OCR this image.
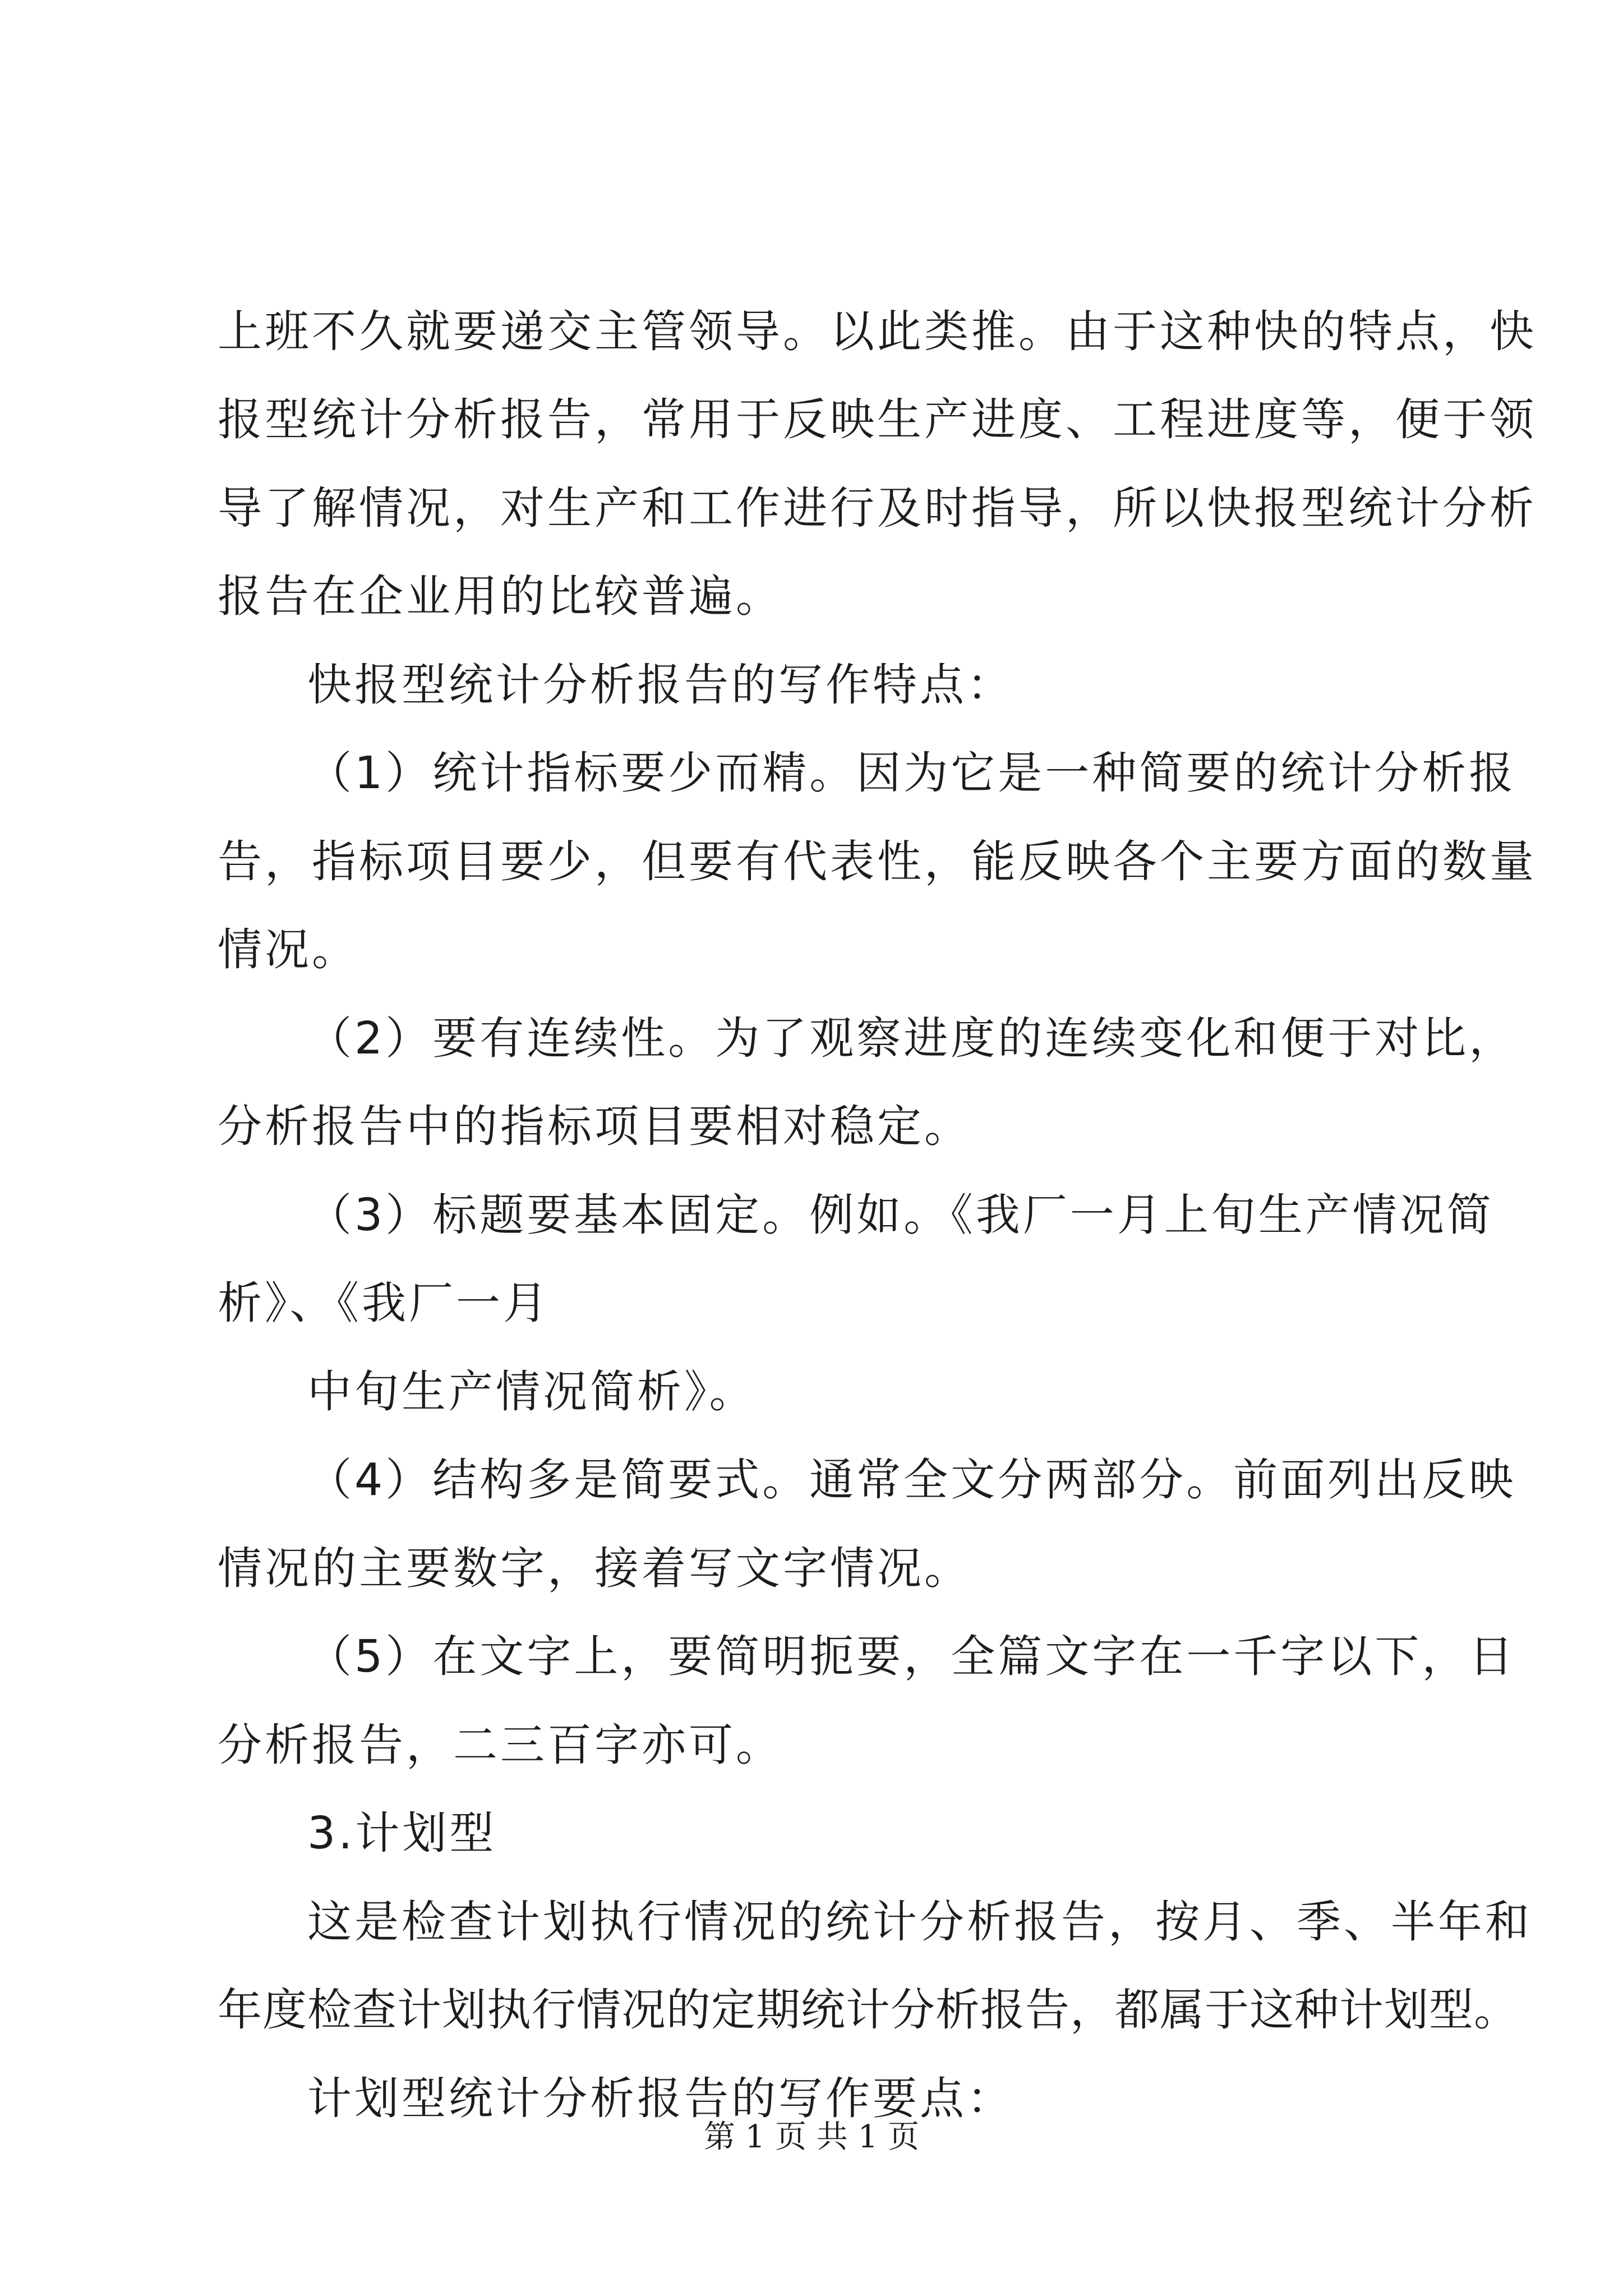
上班不久就要递交主管领导。以此类推。由于这种快的特点，快
报型统计分析报告，常用于反映生产进度、工程进度等，便于领
导了解情况，对生产和工作进行及时指导，所以快报型统计分析
报告在企业用的比较普遍。
快报型统计分析报告的写作特点：
（1）统计指标要少而精。因为它是一种简要的统计分析报
告，指标项目要少，但要有代表性，能反映各个主要方面的数量
情况。
（2）要有连续性。为了观察进度的连续变化和便于对比，
分析报告中的指标项目要相对稳定。
（3）标题要基本固定。例如。《我厂一月上旬生产情况简
析》、《我厂一月
中旬生产情况简析》。
（4）结构多是简要式。通常全文分两部分。前面列出反映
情况的主要数字，接着写文字情况。
（5）在文字上，要简明扼要，全篇文字在一千字以下，日
分析报告，二三百字亦可。
3.计划型
这是检查计划执行情况的统计分析报告，按月、季、半年和
年度检查计划执行情况的定期统计分析报告，都属于这种计划型。
计划型统计分析报告的写作要点：
第 1 页 共 1 页
